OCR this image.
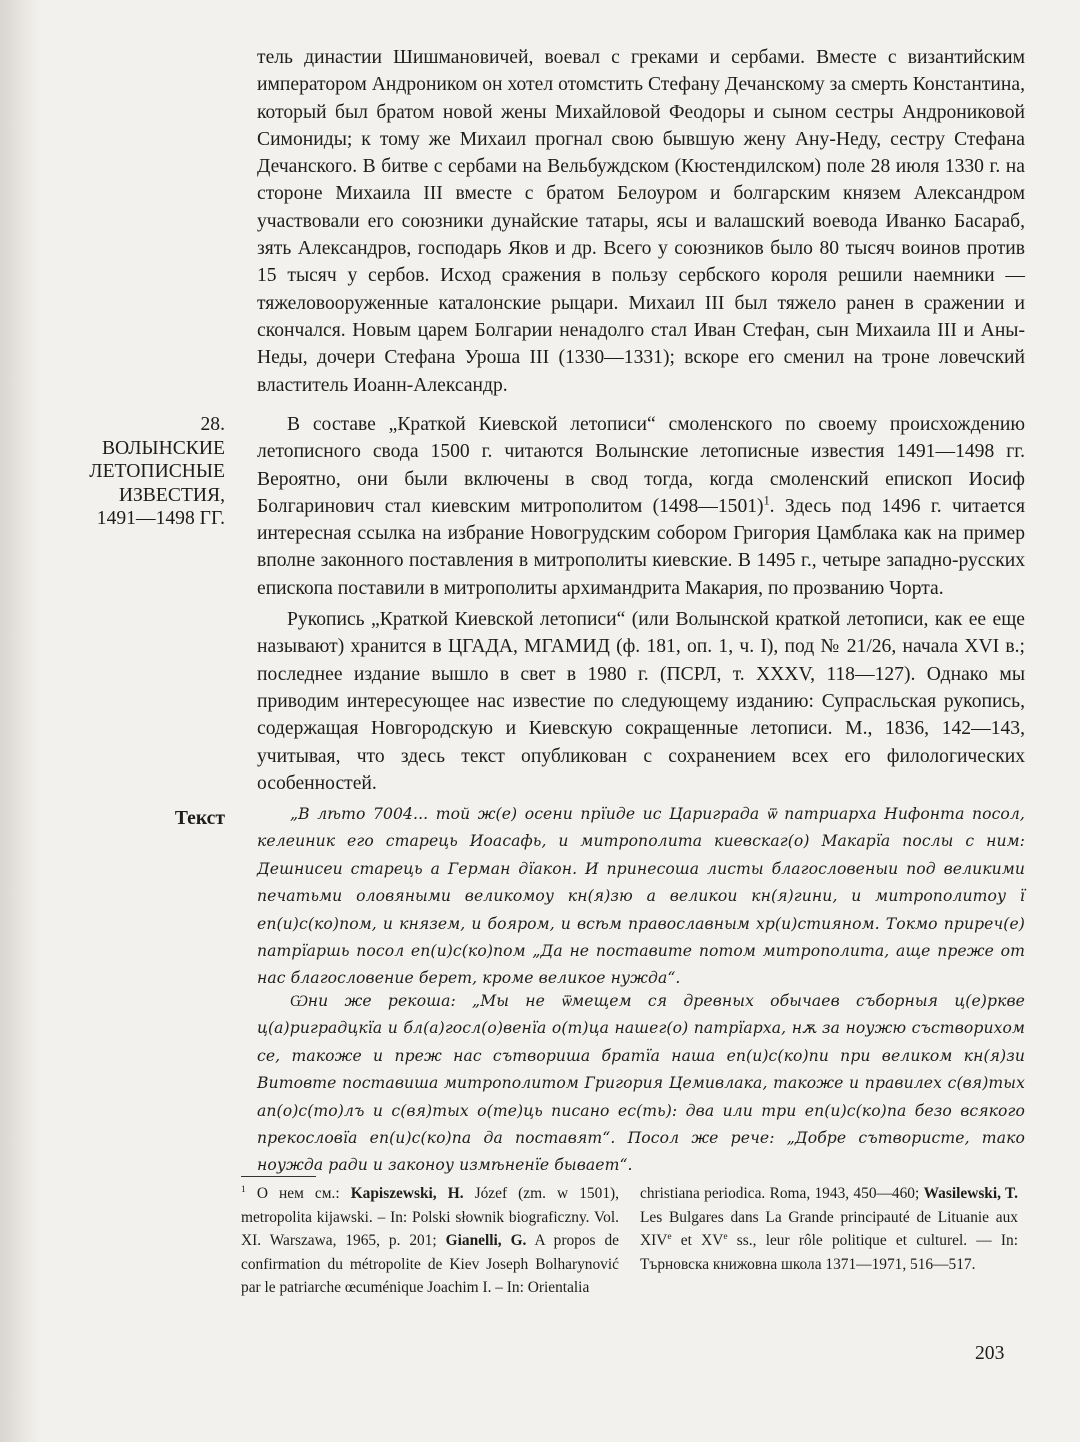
тель династии Шишмановичей, воевал с греками и сербами. Вместе с византийским императором Андроником он хотел отомстить Стефану Дечанскому за смерть Константина, который был братом новой жены Михайловой Феодоры и сыном сестры Андрониковой Симониды; к тому же Михаил прогнал свою бывшую жену Ану-Неду, сестру Стефана Дечанского. В битве с сербами на Вельбуждском (Кюстендилском) поле 28 июля 1330 г. на стороне Михаила III вместе с братом Белоуром и болгарским князем Александром участвовали его союзники дунайские татары, ясы и валашский воевода Иванко Басараб, зять Александров, господарь Яков и др. Всего у союзников было 80 тысяч воинов против 15 тысяч у сербов. Исход сражения в пользу сербского короля решили наемники — тяжеловооруженные каталонские рыцари. Михаил III был тяжело ранен в сражении и скончался. Новым царем Болгарии ненадолго стал Иван Стефан, сын Михаила III и Аны-Неды, дочери Стефана Уроша III (1330—1331); вскоре его сменил на троне ловечский властитель Иоанн-Александр.

28.
ВОЛЫНСКИЕ
ЛЕТОПИСНЫЕ
ИЗВЕСТИЯ,
1491—1498 ГГ.

В составе „Краткой Киевской летописи“ смоленского по своему происхождению летописного свода 1500 г. читаются Волынские летописные известия 1491—1498 гг. Вероятно, они были включены в свод тогда, когда смоленский епископ Иосиф Болгаринович стал киевским митрополитом (1498—1501)$^1$. Здесь под 1496 г. читается интересная ссылка на избрание Новогрудским собором Григория Цамблака как на пример вполне законного поставления в митрополиты киевские. В 1495 г., четыре западно-русских епископа поставили в митрополиты архимандрита Макария, по прозванию Чорта.

Рукопись „Краткой Киевской летописи“ (или Волынской краткой летописи, как ее еще называют) хранится в ЦГАДА, МГАМИД (ф. 181, оп. 1, ч. I), под № 21/26, начала XVI в.; последнее издание вышло в свет в 1980 г. (ПСРЛ, т. XXXV, 118—127). Однако мы приводим интересующее нас известие по следующему изданию: Супрасльская рукопись, содержащая Новгородскую и Киевскую сокращенные летописи. М., 1836, 142—143, учитывая, что здесь текст опубликован с сохранением всех его филологических особенностей.

Текст	„В лѣто 7004... той ж(е) осени прїиде ис Цариграда ѿ патриарха Нифонта посол, келеиник его старець Иоасафь, и митрополита киевскаг(о) Макарїа послы с ним: Дешнисеи старець а Герман дїакон. И принесоша листы благословеныи под великими печатьми оловяными великомоу кн(я)зю а великои кн(я)гини, и митрополитоу ї еп(и)с(ко)пом, и князем, и бояром, и всѣм православным хр(и)стияном. Токмо приреч(е) патрїаршь посол еп(и)с(ко)пом „Да не поставите потом митрополита, аще преже от нас благословение берет, кроме великое нужда“.

Ѡни же рекоша: „Мы не ѿмещем ся древных обычаев съборныя ц(е)ркве ц(а)риградцкїа и бл(а)госл(о)венїа о(т)ца нашег(о) патрїарха, нѫ за ноужю състворихом се, такоже и преж нас сътвориша братїа наша еп(и)с(ко)пи при великом кн(я)зи Витовте поставиша митрополитом Григория Цемивлака, такоже и правилех с(вя)тых ап(о)с(то)лъ и с(вя)тых о(те)ць писано ес(ть): два или три еп(и)с(ко)па безо всякого прекословїа еп(и)с(ко)па да поставят“. Посол же рече: „Добре сътвористе, тако ноужда ради и законоу измѣненїе бывает“.

$^1$ О нем см.: Kapiszewski, H. Józef (zm. w 1501), metropolita kijawski. – In: Polski słownik biograficzny. Vol. XI. Warszawa, 1965, p. 201; Gianelli, G. A propos de confirmation du métropolite de Kiev Joseph Bolharynović par le patriarche œcuménique Joachim I. – In: Orientalia

christiana periodica. Roma, 1943, 450—460; Wasilewski, T. Les Bulgares dans La Grande principauté de Lituanie aux XIVe et XVe ss., leur rôle politique et culturel. — In: Търновска книжовна школа 1371—1971, 516—517.

203
